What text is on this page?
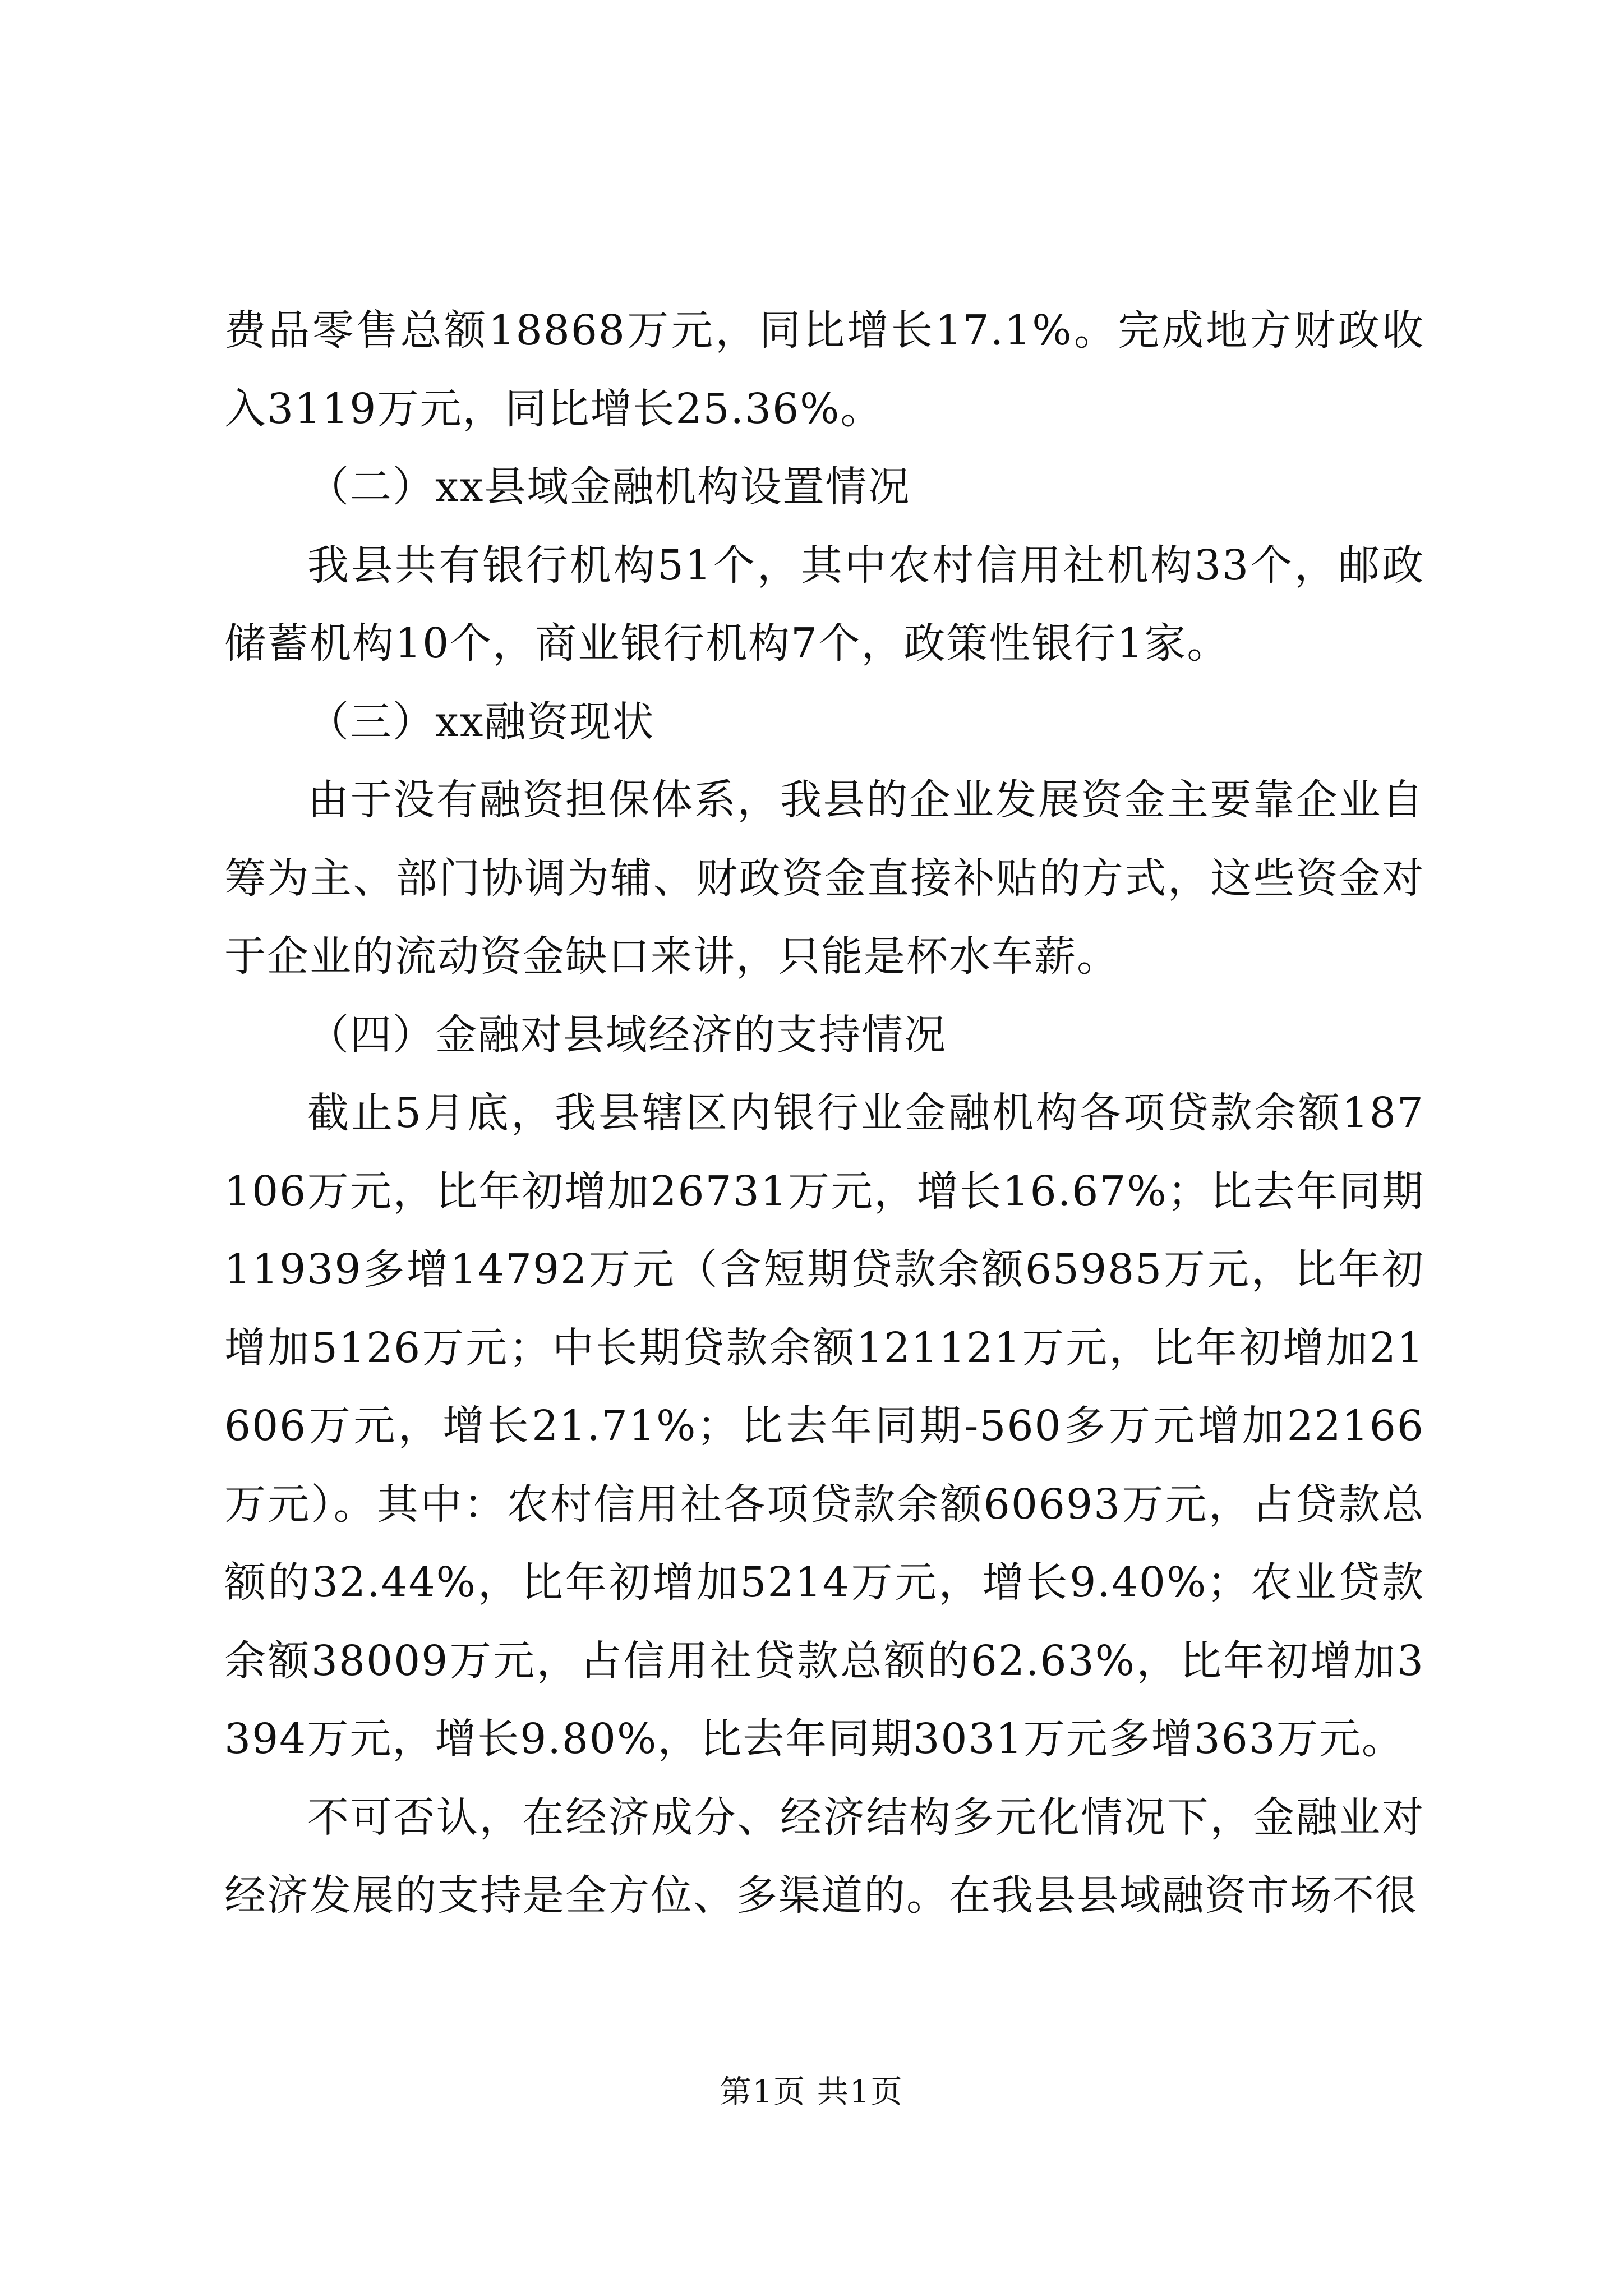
费品零售总额18868万元，同比增长17.1%。完成地方财政收入3119万元，同比增长25.36%。

（二）xx县域金融机构设置情况

我县共有银行机构51个，其中农村信用社机构33个，邮政储蓄机构10个，商业银行机构7个，政策性银行1家。

（三）xx融资现状

由于没有融资担保体系，我县的企业发展资金主要靠企业自筹为主、部门协调为辅、财政资金直接补贴的方式，这些资金对于企业的流动资金缺口来讲，只能是杯水车薪。

（四）金融对县域经济的支持情况

截止5月底，我县辖区内银行业金融机构各项贷款余额187106万元，比年初增加26731万元，增长16.67%；比去年同期11939多增14792万元（含短期贷款余额65985万元，比年初增加5126万元；中长期贷款余额121121万元，比年初增加21606万元，增长21.71%；比去年同期-560多万元增加22166万元）。其中：农村信用社各项贷款余额60693万元，占贷款总额的32.44%，比年初增加5214万元，增长9.40%；农业贷款余额38009万元，占信用社贷款总额的62.63%，比年初增加3394万元，增长9.80%，比去年同期3031万元多增363万元。

不可否认，在经济成分、经济结构多元化情况下，金融业对经济发展的支持是全方位、多渠道的。在我县县域融资市场不很

第1页 共1页
